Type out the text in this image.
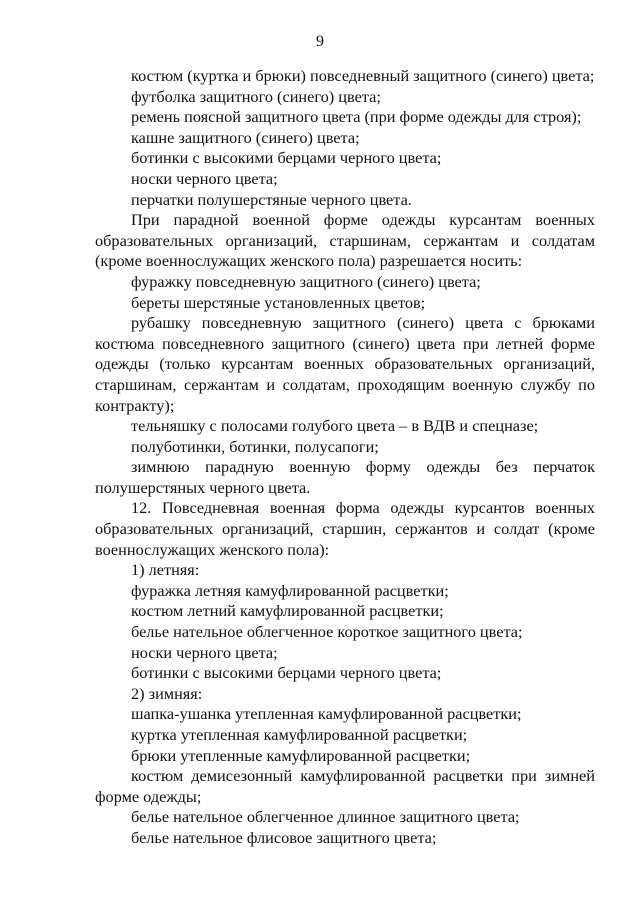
9

костюм (куртка и брюки) повседневный защитного (синего) цвета;

футболка защитного (синего) цвета;

ремень поясной защитного цвета (при форме одежды для строя);

кашне защитного (синего) цвета;

ботинки с высокими берцами черного цвета;

носки черного цвета;

перчатки полушерстяные черного цвета.

При парадной военной форме одежды курсантам военных образовательных организаций, старшинам, сержантам и солдатам (кроме военнослужащих женского пола) разрешается носить:

фуражку повседневную защитного (синего) цвета;

береты шерстяные установленных цветов;

рубашку повседневную защитного (синего) цвета с брюками костюма повседневного защитного (синего) цвета при летней форме одежды (только курсантам военных образовательных организаций, старшинам, сержантам и солдатам, проходящим военную службу по контракту);

тельняшку с полосами голубого цвета – в ВДВ и спецназе;

полуботинки, ботинки, полусапоги;

зимнюю парадную военную форму одежды без перчаток полушерстяных черного цвета.

12. Повседневная военная форма одежды курсантов военных образовательных организаций, старшин, сержантов и солдат (кроме военнослужащих женского пола):

1) летняя:

фуражка летняя камуфлированной расцветки;

костюм летний камуфлированной расцветки;

белье нательное облегченное короткое защитного цвета;

носки черного цвета;

ботинки с высокими берцами черного цвета;

2) зимняя:

шапка-ушанка утепленная камуфлированной расцветки;

куртка утепленная камуфлированной расцветки;

брюки утепленные камуфлированной расцветки;

костюм демисезонный камуфлированной расцветки при зимней форме одежды;

белье нательное облегченное длинное защитного цвета;

белье нательное флисовое защитного цвета;
